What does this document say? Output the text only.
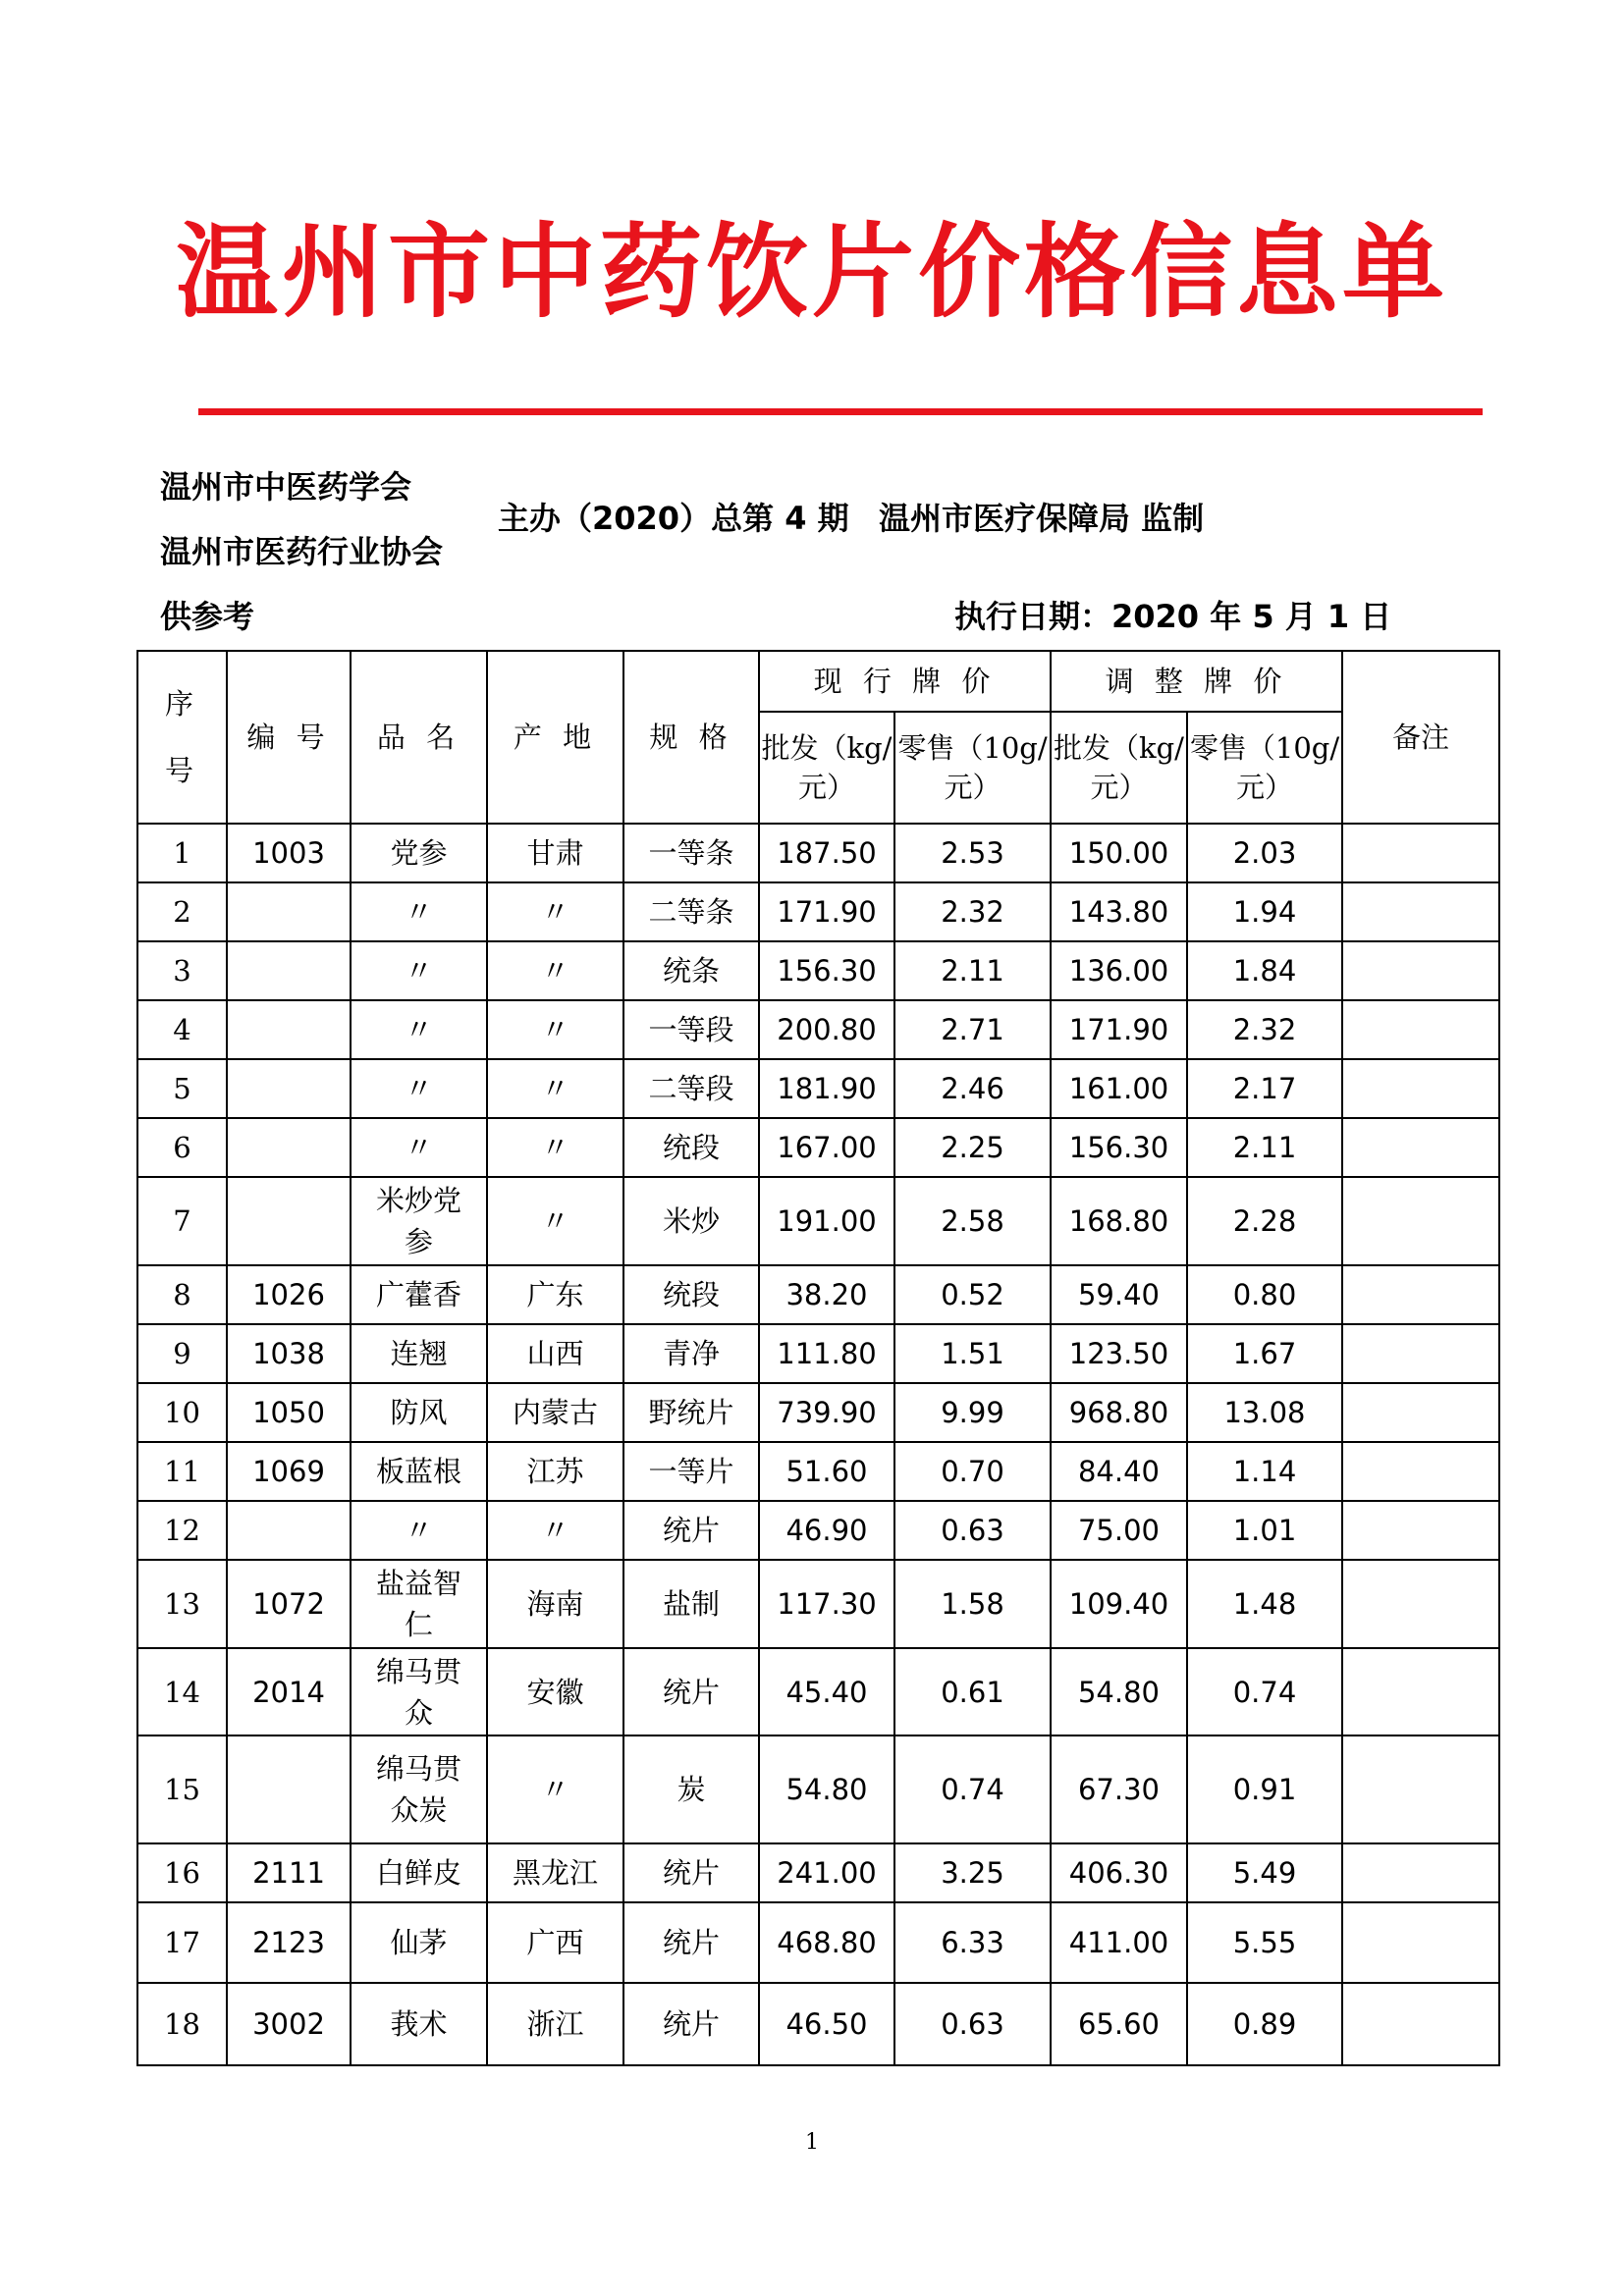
温州市中药饮片价格信息单
温州市中医药学会
温州市医药行业协会
主办（2020）总第 4 期 温州市医疗保障局 监制
供参考	执行日期：2020 年 5 月 1 日
序

号	编 号	品 名	产 地	规 格	现 行 牌 价		调 整 牌 价		备注
					批发（kg/元）	零售（10g/元）	批发（kg/元）	零售（10g/元）	
1	1003	党参	甘肃	一等条	187.50	2.53	150.00	2.03	
2		〃	〃	二等条	171.90	2.32	143.80	1.94	
3		〃	〃	统条	156.30	2.11	136.00	1.84	
4		〃	〃	一等段	200.80	2.71	171.90	2.32	
5		〃	〃	二等段	181.90	2.46	161.00	2.17	
6		〃	〃	统段	167.00	2.25	156.30	2.11	
7		米炒党参	〃	米炒	191.00	2.58	168.80	2.28	
8	1026	广藿香	广东	统段	38.20	0.52	59.40	0.80	
9	1038	连翘	山西	青净	111.80	1.51	123.50	1.67	
10	1050	防风	内蒙古	野统片	739.90	9.99	968.80	13.08	
11	1069	板蓝根	江苏	一等片	51.60	0.70	84.40	1.14	
12		〃	〃	统片	46.90	0.63	75.00	1.01	
13	1072	盐益智仁	海南	盐制	117.30	1.58	109.40	1.48	
14	2014	绵马贯众	安徽	统片	45.40	0.61	54.80	0.74	
15		绵马贯众炭	〃	炭	54.80	0.74	67.30	0.91	
16	2111	白鲜皮	黑龙江	统片	241.00	3.25	406.30	5.49	
17	2123	仙茅	广西	统片	468.80	6.33	411.00	5.55	
18	3002	莪术	浙江	统片	46.50	0.63	65.60	0.89	
1
